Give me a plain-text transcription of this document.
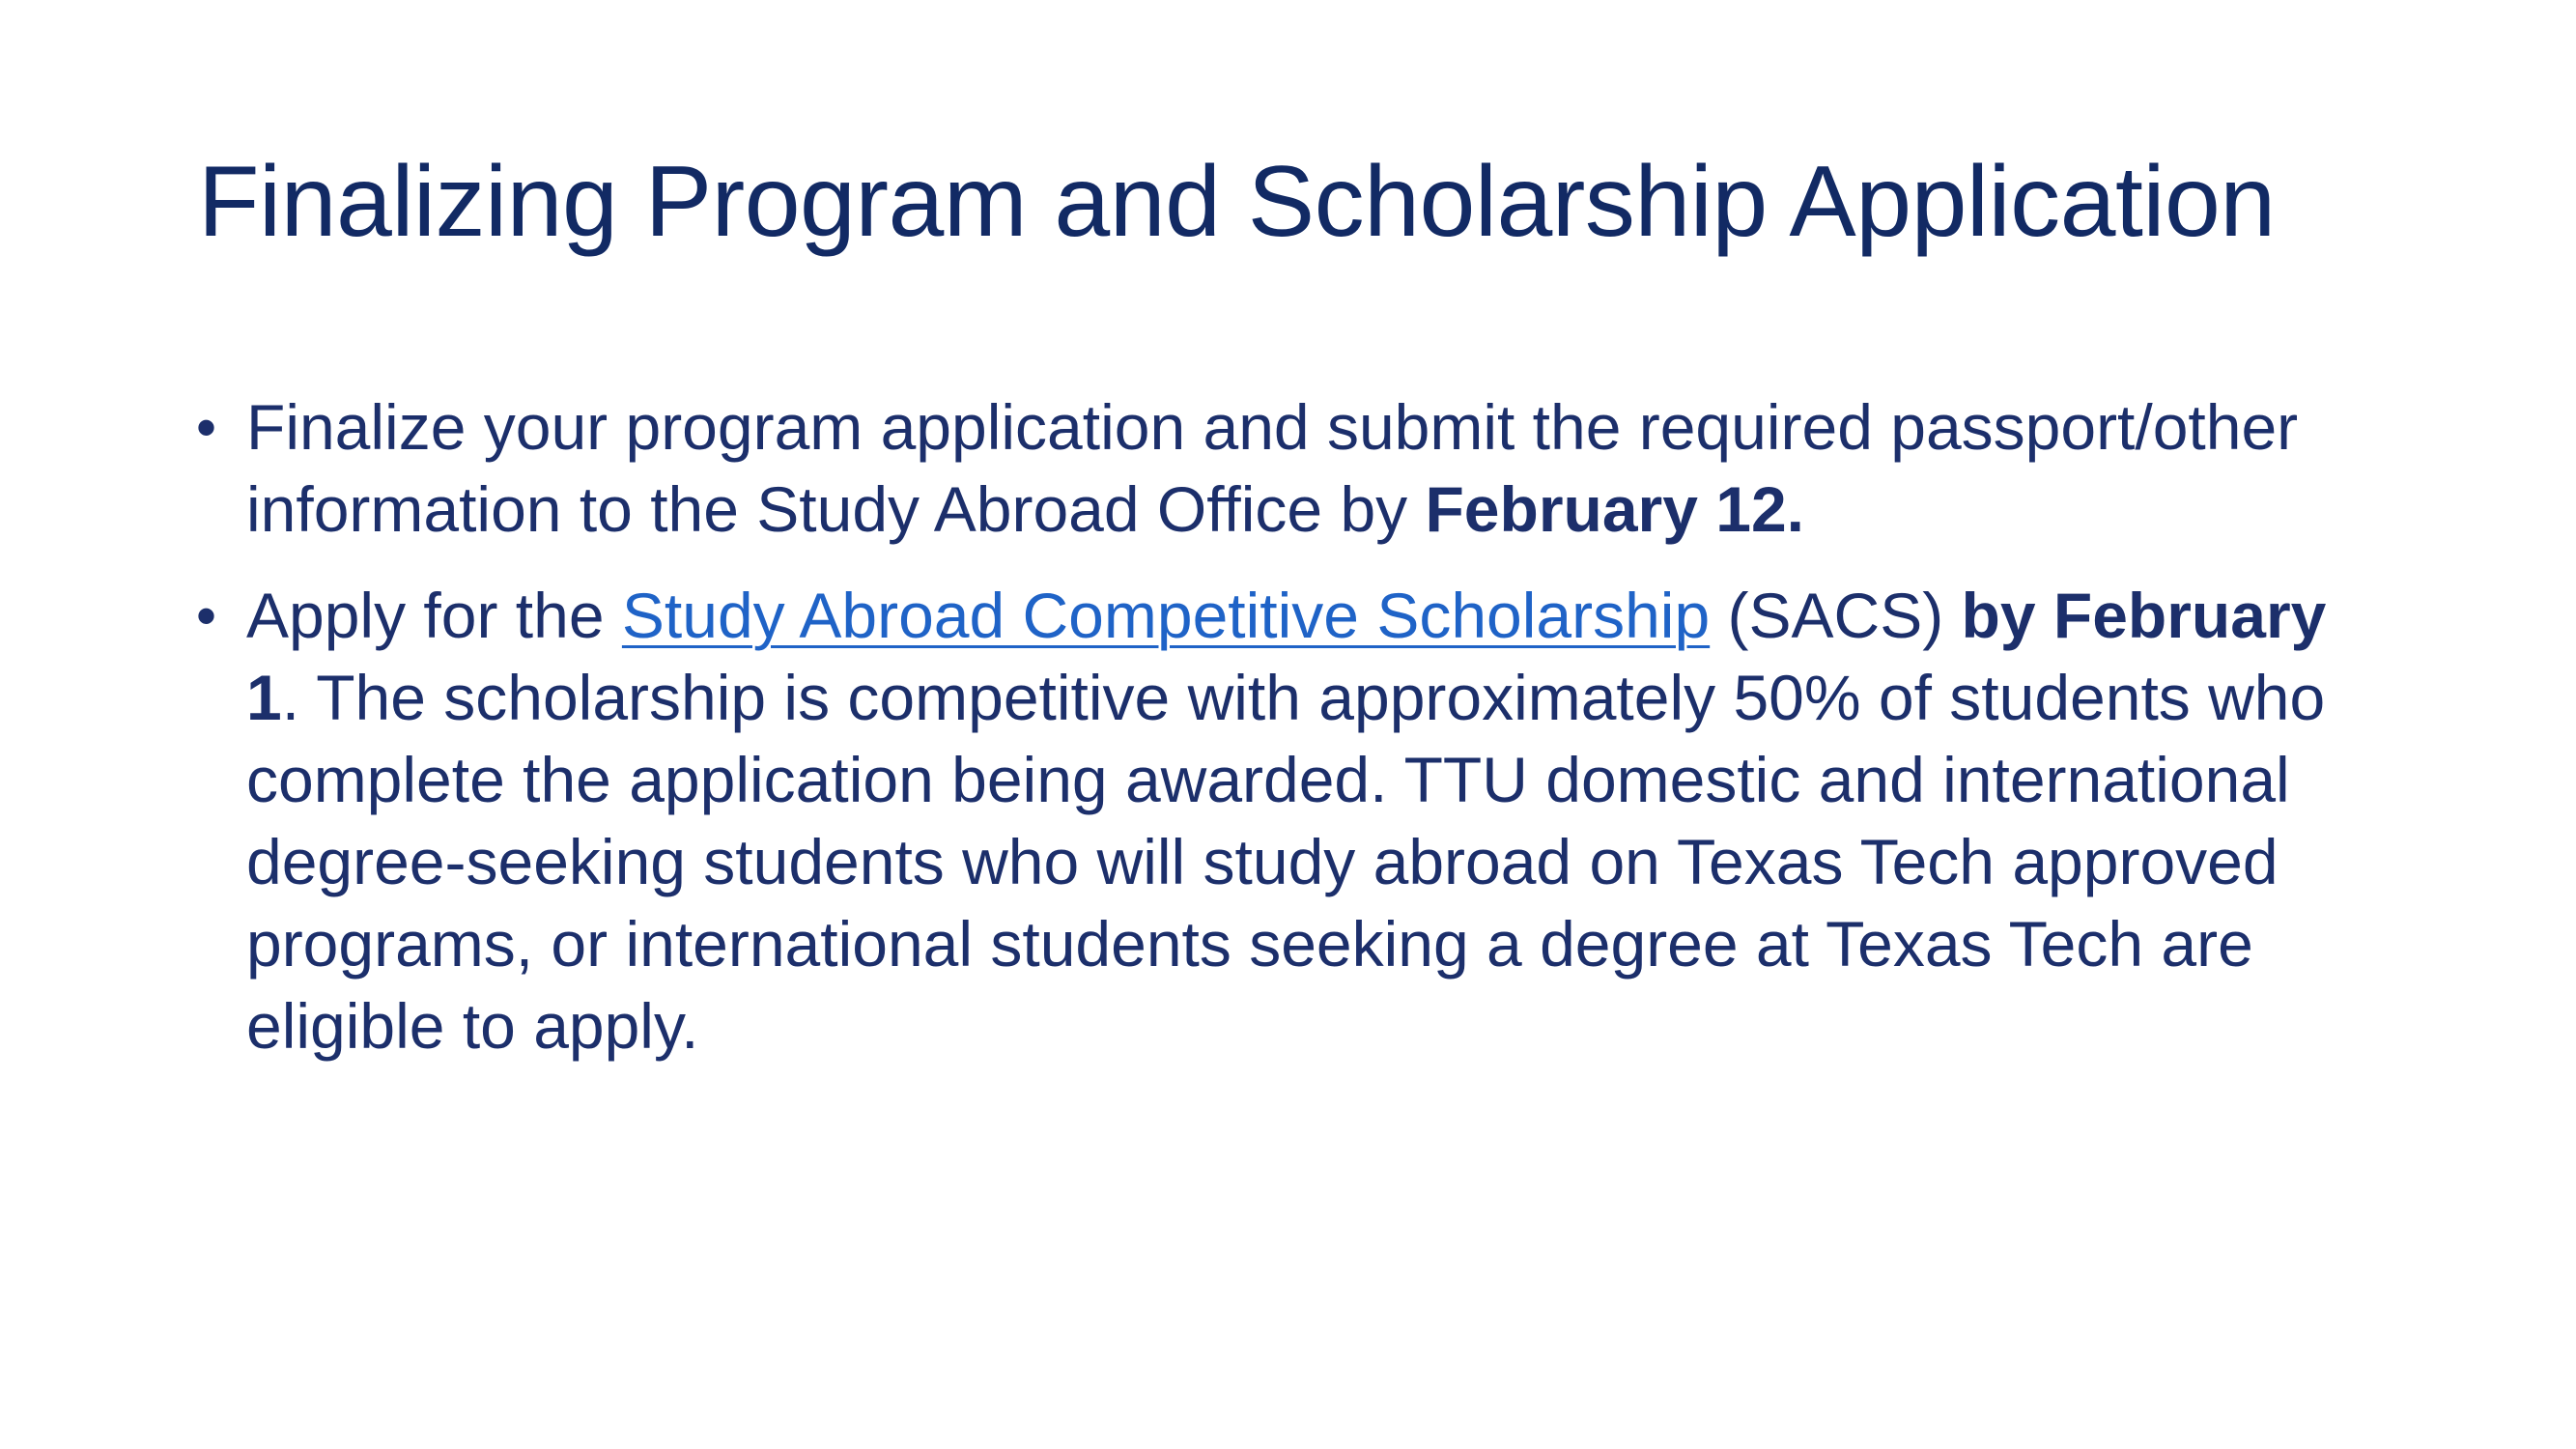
Finalizing Program and Scholarship Application
• Finalize your program application and submit the required passport/other information to the Study Abroad Office by February 12.
• Apply for the Study Abroad Competitive Scholarship (SACS) by February 1. The scholarship is competitive with approximately 50% of students who complete the application being awarded. TTU domestic and international degree-seeking students who will study abroad on Texas Tech approved programs, or international students seeking a degree at Texas Tech are eligible to apply.
